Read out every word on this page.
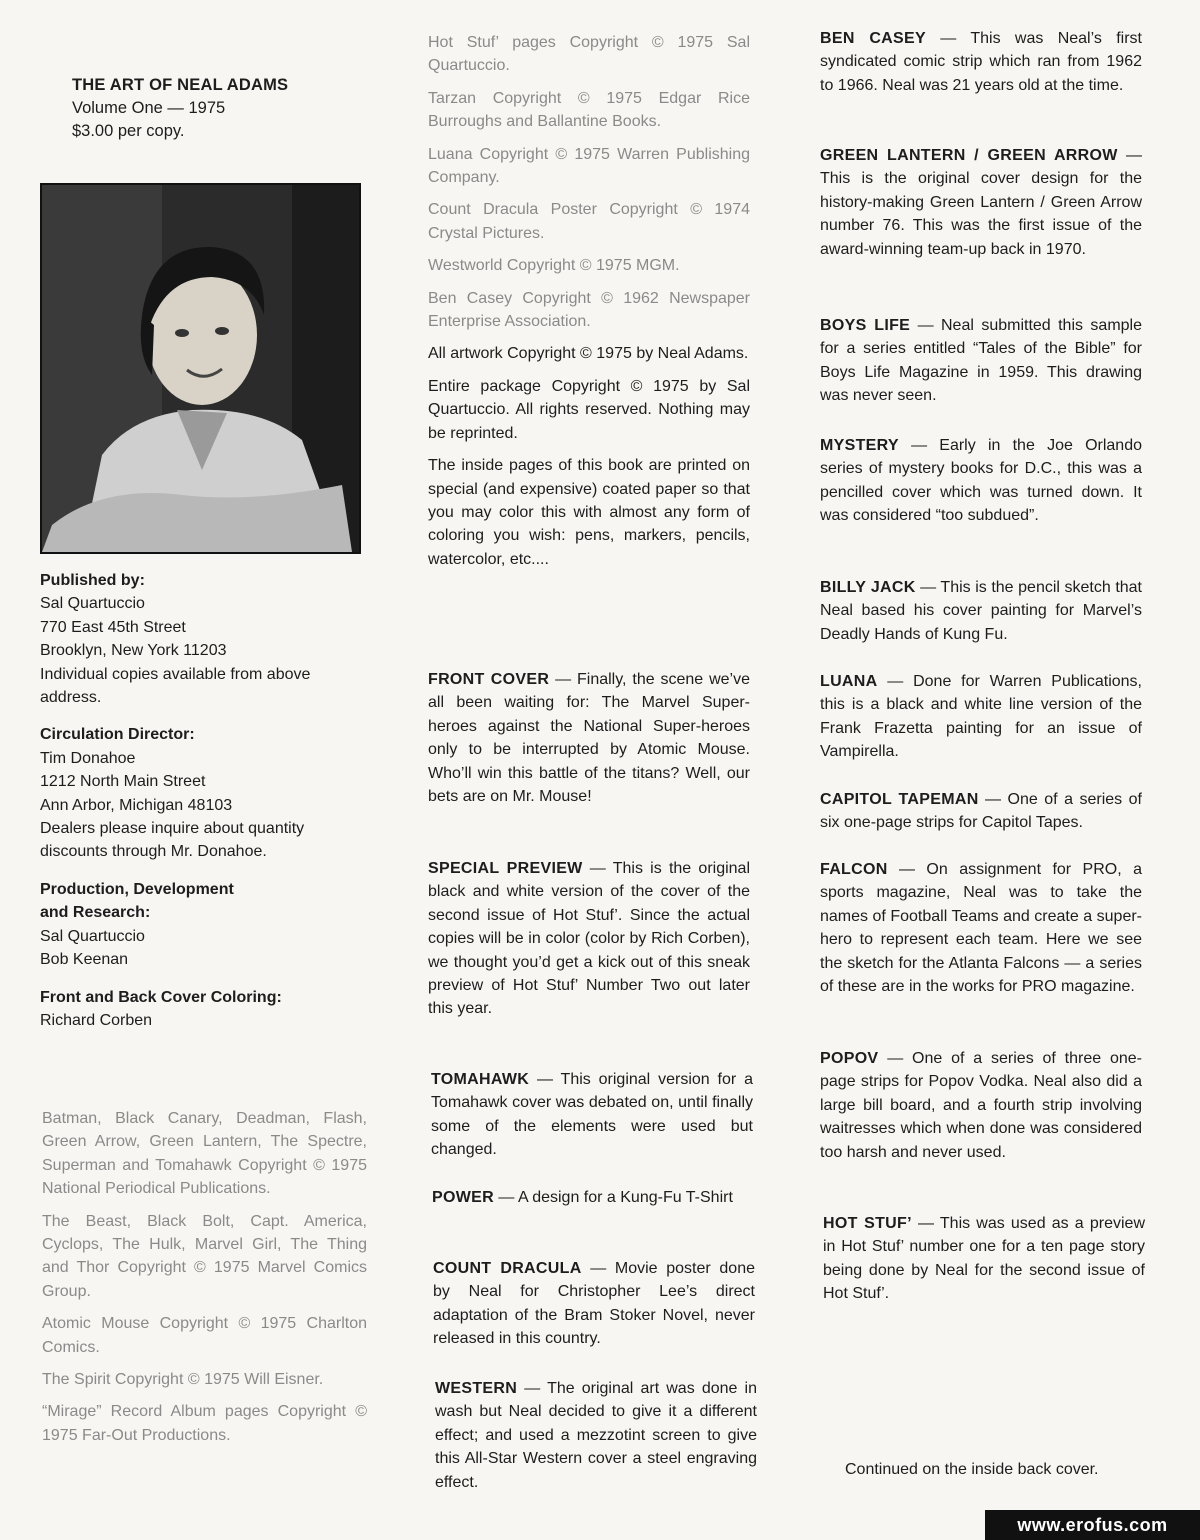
THE ART OF NEAL ADAMS
Volume One — 1975
$3.00 per copy.

Published by:

Sal Quartuccio

770 East 45th Street

Brooklyn, New York 11203

Individual copies available from above address.

Circulation Director:

Tim Donahoe

1212 North Main Street

Ann Arbor, Michigan 48103

Dealers please inquire about quantity discounts through Mr. Donahoe.

Production, Development

and Research:

Sal Quartuccio

Bob Keenan

Front and Back Cover Coloring:

Richard Corben

Batman, Black Canary, Deadman, Flash, Green Arrow, Green Lantern, The Spectre, Superman and Tomahawk Copyright © 1975 National Periodical Publications.

The Beast, Black Bolt, Capt. America, Cyclops, The Hulk, Marvel Girl, The Thing and Thor Copyright © 1975 Marvel Comics Group.

Atomic Mouse Copyright © 1975 Charlton Comics.

The Spirit Copyright © 1975 Will Eisner.

“Mirage” Record Album pages Copyright © 1975 Far-Out Productions.

Hot Stuf’ pages Copyright © 1975 Sal Quartuccio.

Tarzan Copyright © 1975 Edgar Rice Burroughs and Ballantine Books.

Luana Copyright © 1975 Warren Publishing Company.

Count Dracula Poster Copyright © 1974 Crystal Pictures.

Westworld Copyright © 1975 MGM.

Ben Casey Copyright © 1962 Newspaper Enterprise Association.

All artwork Copyright © 1975 by Neal Adams.

Entire package Copyright © 1975 by Sal Quartuccio. All rights reserved. Nothing may be reprinted.

The inside pages of this book are printed on special (and expensive) coated paper so that you may color this with almost any form of coloring you wish: pens, markers, pencils, watercolor, etc....

FRONT COVER — Finally, the scene we’ve all been waiting for: The Marvel Super-heroes against the National Super-heroes only to be interrupted by Atomic Mouse. Who’ll win this battle of the titans? Well, our bets are on Mr. Mouse!
SPECIAL PREVIEW — This is the original black and white version of the cover of the second issue of Hot Stuf’. Since the actual copies will be in color (color by Rich Corben), we thought you’d get a kick out of this sneak preview of Hot Stuf’ Number Two out later this year.
TOMAHAWK — This original version for a Tomahawk cover was debated on, until finally some of the elements were used but changed.
POWER — A design for a Kung-Fu T-Shirt
COUNT DRACULA — Movie poster done by Neal for Christopher Lee’s direct adaptation of the Bram Stoker Novel, never released in this country.
WESTERN — The original art was done in wash but Neal decided to give it a different effect; and used a mezzotint screen to give this All-Star Western cover a steel engraving effect.
BEN CASEY — This was Neal’s first syndicated comic strip which ran from 1962 to 1966. Neal was 21 years old at the time.
GREEN LANTERN / GREEN ARROW — This is the original cover design for the history-making Green Lantern / Green Arrow number 76. This was the first issue of the award-winning team-up back in 1970.
BOYS LIFE — Neal submitted this sample for a series entitled “Tales of the Bible” for Boys Life Magazine in 1959. This drawing was never seen.
MYSTERY — Early in the Joe Orlando series of mystery books for D.C., this was a pencilled cover which was turned down. It was considered “too subdued”.
BILLY JACK — This is the pencil sketch that Neal based his cover painting for Marvel’s Deadly Hands of Kung Fu.
LUANA — Done for Warren Publications, this is a black and white line version of the Frank Frazetta painting for an issue of Vampirella.
CAPITOL TAPEMAN — One of a series of six one-page strips for Capitol Tapes.
FALCON — On assignment for PRO, a sports magazine, Neal was to take the names of Football Teams and create a super-hero to represent each team. Here we see the sketch for the Atlanta Falcons — a series of these are in the works for PRO magazine.
POPOV — One of a series of three one-page strips for Popov Vodka. Neal also did a large bill board, and a fourth strip involving waitresses which when done was considered too harsh and never used.
HOT STUF’ — This was used as a preview in Hot Stuf’ number one for a ten page story being done by Neal for the second issue of Hot Stuf’.
Continued on the inside back cover.
www.erofus.com
